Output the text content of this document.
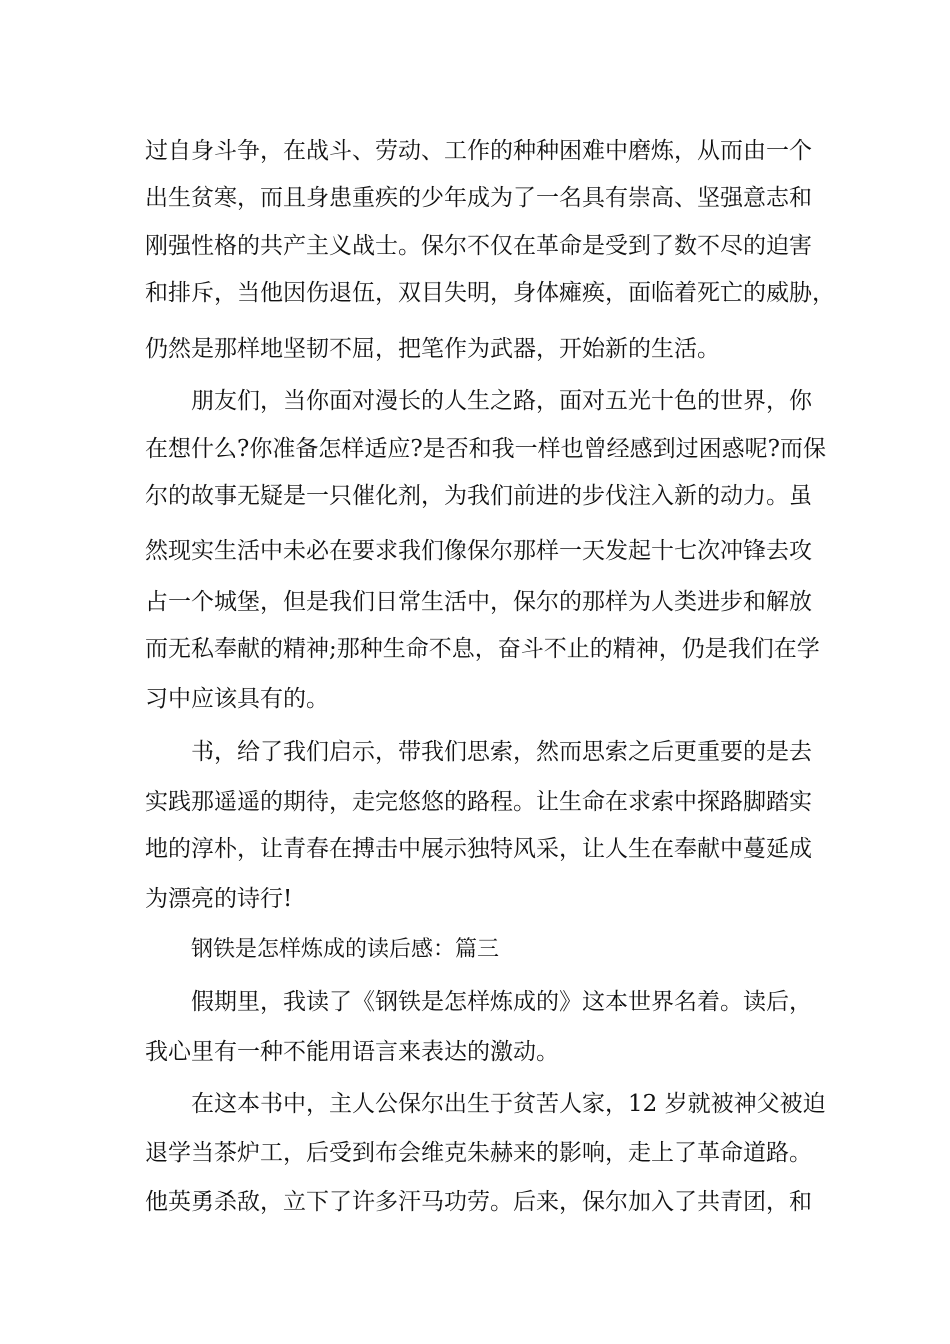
过自身斗争，在战斗、劳动、工作的种种困难中磨炼，从而由一个
出生贫寒，而且身患重疾的少年成为了一名具有崇高、坚强意志和
刚强性格的共产主义战士。保尔不仅在革命是受到了数不尽的迫害
和排斥，当他因伤退伍，双目失明，身体瘫痪，面临着死亡的威胁，
仍然是那样地坚韧不屈，把笔作为武器，开始新的生活。
朋友们，当你面对漫长的人生之路，面对五光十色的世界，你
在想什么?你准备怎样适应?是否和我一样也曾经感到过困惑呢?而保
尔的故事无疑是一只催化剂，为我们前进的步伐注入新的动力。虽
然现实生活中未必在要求我们像保尔那样一天发起十七次冲锋去攻
占一个城堡，但是我们日常生活中，保尔的那样为人类进步和解放
而无私奉献的精神;那种生命不息，奋斗不止的精神，仍是我们在学
习中应该具有的。
书，给了我们启示，带我们思索，然而思索之后更重要的是去
实践那遥遥的期待，走完悠悠的路程。让生命在求索中探路脚踏实
地的淳朴，让青春在搏击中展示独特风采，让人生在奉献中蔓延成
为漂亮的诗行!
钢铁是怎样炼成的读后感：篇三
假期里，我读了《钢铁是怎样炼成的》这本世界名着。读后，
我心里有一种不能用语言来表达的激动。
在这本书中，主人公保尔出生于贫苦人家，12 岁就被神父被迫
退学当茶炉工，后受到布会维克朱赫来的影响，走上了革命道路。
他英勇杀敌，立下了许多汗马功劳。后来，保尔加入了共青团，和
